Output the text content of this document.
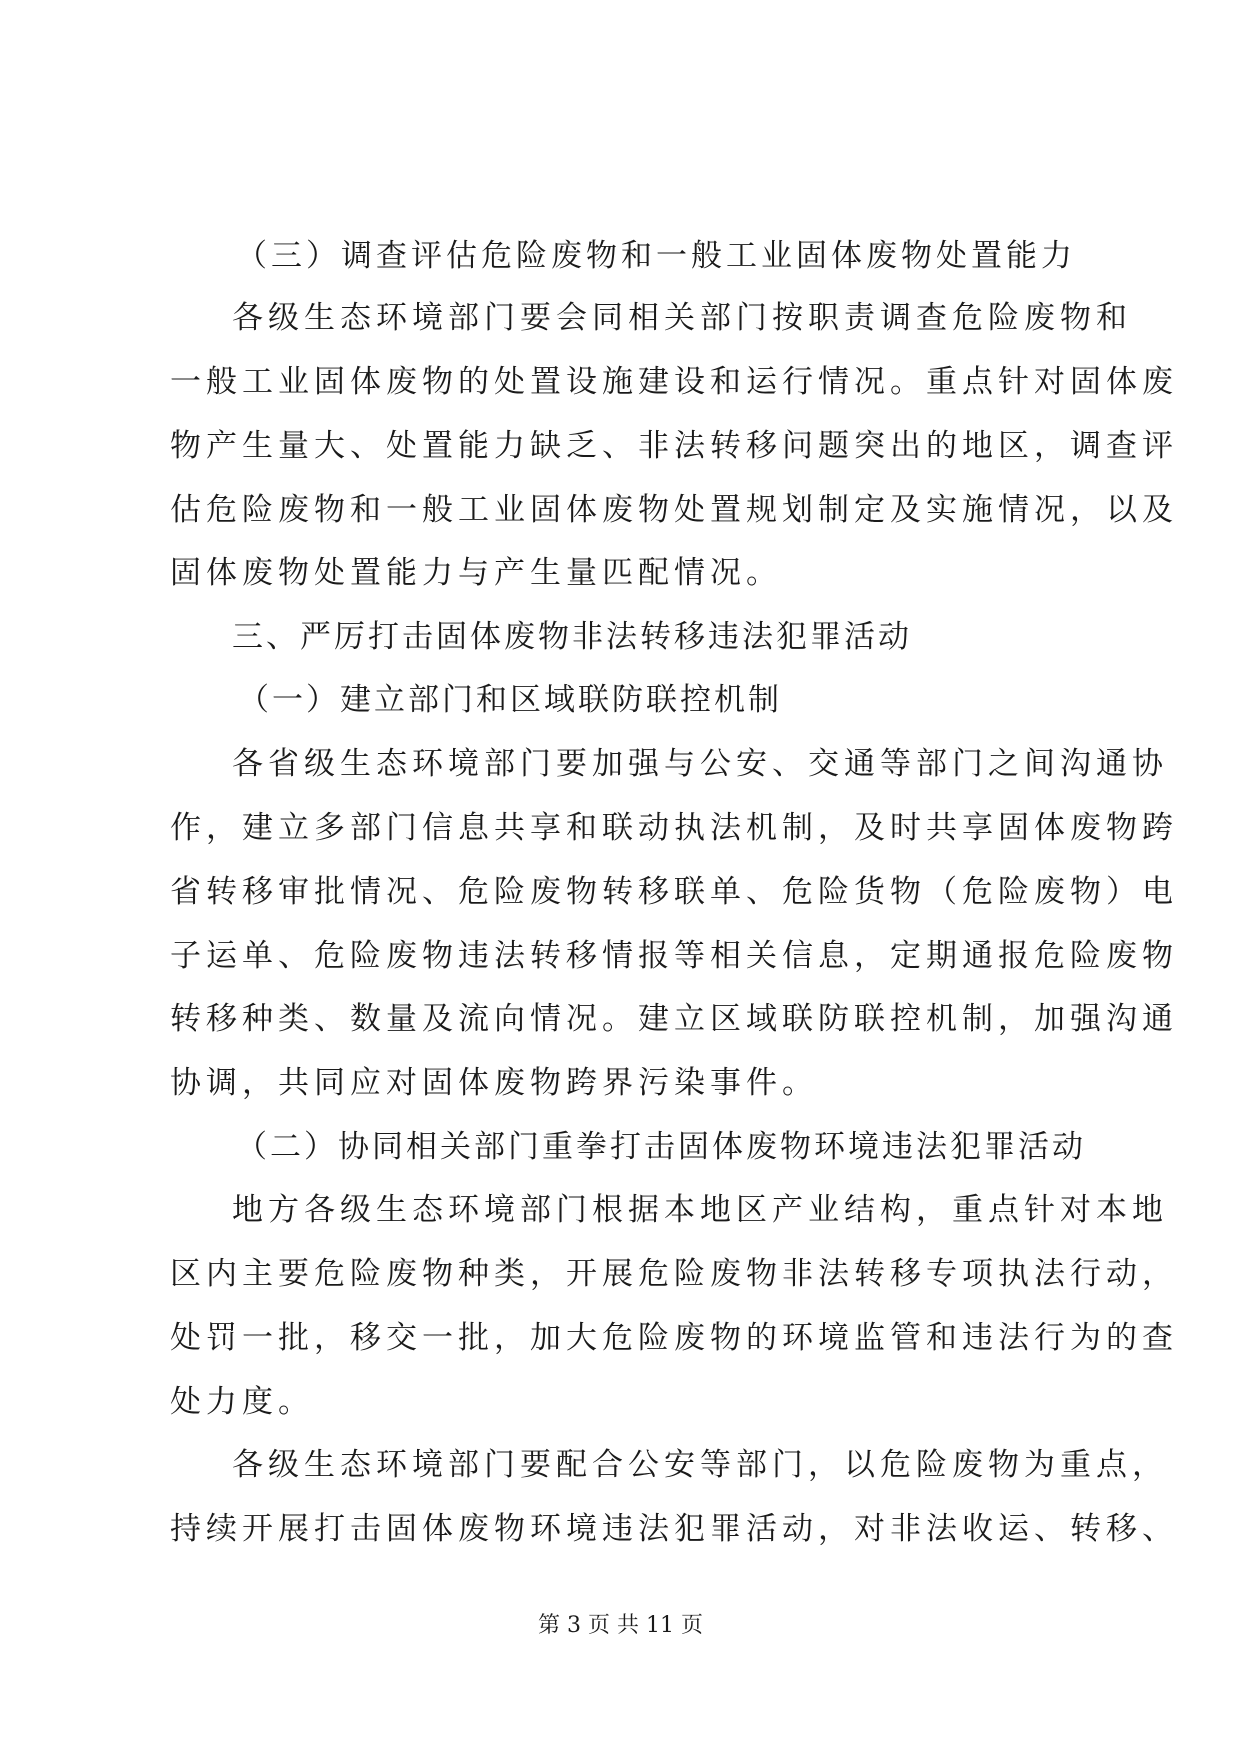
（三）调查评估危险废物和一般工业固体废物处置能力
各级生态环境部门要会同相关部门按职责调查危险废物和
一般工业固体废物的处置设施建设和运行情况。重点针对固体废
物产生量大、处置能力缺乏、非法转移问题突出的地区，调查评
估危险废物和一般工业固体废物处置规划制定及实施情况，以及
固体废物处置能力与产生量匹配情况。
三、严厉打击固体废物非法转移违法犯罪活动
（一）建立部门和区域联防联控机制
各省级生态环境部门要加强与公安、交通等部门之间沟通协
作，建立多部门信息共享和联动执法机制，及时共享固体废物跨
省转移审批情况、危险废物转移联单、危险货物（危险废物）电
子运单、危险废物违法转移情报等相关信息，定期通报危险废物
转移种类、数量及流向情况。建立区域联防联控机制，加强沟通
协调，共同应对固体废物跨界污染事件。
（二）协同相关部门重拳打击固体废物环境违法犯罪活动
地方各级生态环境部门根据本地区产业结构，重点针对本地
区内主要危险废物种类，开展危险废物非法转移专项执法行动，
处罚一批，移交一批，加大危险废物的环境监管和违法行为的查
处力度。
各级生态环境部门要配合公安等部门，以危险废物为重点，
持续开展打击固体废物环境违法犯罪活动，对非法收运、转移、
第 3 页 共 11 页
